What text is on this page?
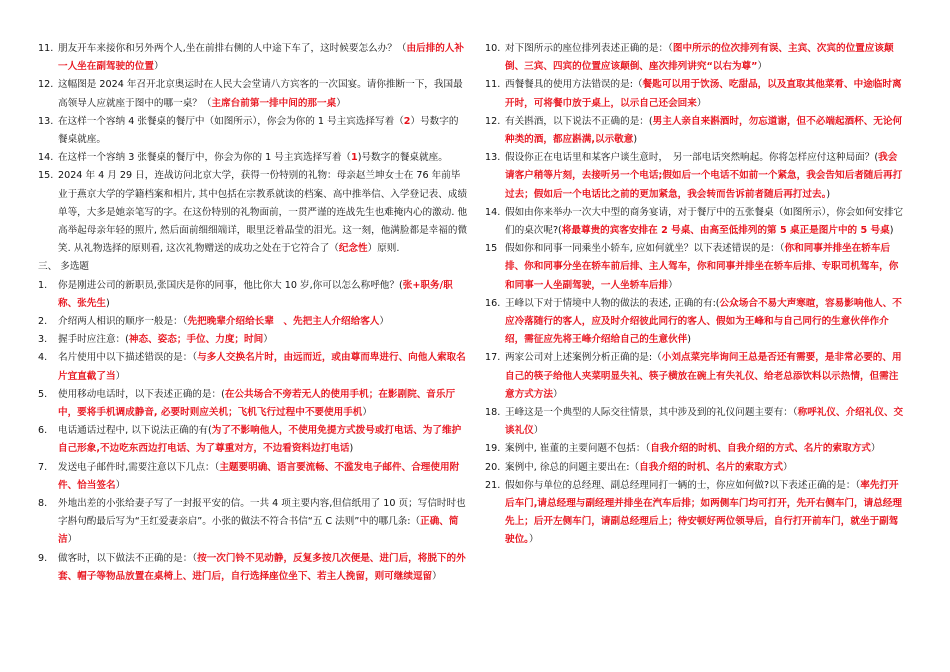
11. 朋友开车来接你和另外两个人,坐在前排右侧的人中途下车了，这时候要怎么办？（由后排的人补一人坐在副驾驶的位置）
12. 这幅图是 2024 年召开北京奥运时在人民大会堂请八方宾客的一次国宴。请你推断一下，我国最高领导人应就座于图中的哪一桌？（主席台前第一排中间的那一桌）
13. 在这样一个容纳 4 张餐桌的餐厅中（如图所示），你会为你的 1 号主宾选择写着（2）号数字的餐桌就座。
14. 在这样一个容纳 3 张餐桌的餐厅中，你会为你的 1 号主宾选择写着（1)号数字的餐桌就座。
15. 2024 年 4 月 29 日，连战访问北京大学，获得一份特别的礼物：母亲赵兰坤女士在 76 年前毕业于燕京大学的学籍档案和相片, 其中包括在宗教系就读的档案、高中推举信、入学登记表、成绩单等，大多是她亲笔写的字。在这份特别的礼物面前，一贯严谨的连战先生也难掩内心的激动. 他高举起母亲年轻的照片, 然后面前细细端详，眼里泛着晶莹的泪光。这一刻，他满脸都是幸福的微笑. 从礼物选择的原则看, 这次礼物赠送的成功之处在于它符合了（纪念性）原则.
三、 多选题
1. 你是刚进公司的新职员,张国庆是你的同事，他比你大 10 岁,你可以怎么称呼他？(张+职务/职称、张先生)
2. 介绍两人相识的顺序一般是：（先把晚辈介绍给长辈　、先把主人介绍给客人）
3. 握手时应注意：(神态、姿态；手位、力度；时间）
4. 名片使用中以下描述错误的是：（与多人交换名片时，由远而近，或由尊而卑进行、向他人索取名片宜直截了当）
5. 使用移动电话时，以下表述正确的是：(在公共场合不旁若无人的使用手机；在影剧院、音乐厅中，要将手机调成静音, 必要时则应关机；飞机飞行过程中不要使用手机）
6. 电话通话过程中, 以下说法正确的有(为了不影响他人，不使用免提方式拨号或打电话、为了维护自己形象,不边吃东西边打电话、为了尊重对方，不边看资料边打电话)
7. 发送电子邮件时,需要注意以下几点：（主题要明确、语言要流畅、不滥发电子邮件、合理使用附件、恰当签名）
8. 外地出差的小张给妻子写了一封报平安的信。一共 4 项主要内容,但信纸用了 10 页；写信时时也字斟句酌最后写为“王红爱妻亲启”。小张的做法不符合书信“五 C 法则”中的哪几条:（正确、简洁）
9. 做客时，以下做法不正确的是：（按一次门铃不见动静，反复多按几次便是、进门后，将脱下的外套、帽子等物品放置在桌椅上、进门后，自行选择座位坐下、若主人挽留，则可继续逗留）
10. 对下图所示的座位排列表述正确的是：（图中所示的位次排列有误、主宾、次宾的位置应该颠倒、三宾、四宾的位置应该颠倒、座次排列讲究“以右为尊”）
11. 西餐餐具的使用方法错误的是:（餐匙可以用于饮汤、吃甜品，以及直取其他菜肴、中途临时离开时，可将餐巾放于桌上，以示自己还会回来）
12. 有关斟酒，以下说法不正确的是：(男主人亲自来斟酒时，勿忘道谢，但不必端起酒杯、无论何种类的酒，都应斟满,以示敬意)
13. 假设你正在电话里和某客户谈生意时，　另一部电话突然响起。你将怎样应付这种局面？(我会请客户稍等片刻，去接听另一个电话;假如后一个电话不如前一个紧急，我会告知后者随后再打过去；假如后一个电话比之前的更加紧急，我会转而告诉前者随后再打过去。)
14. 假如由你来举办一次大中型的商务宴请，对于餐厅中的五张餐桌（如图所示），你会如何安排它们的桌次呢?(将最尊贵的宾客安排在 2 号桌、由高至低排列的第 5 桌正是图片中的 5 号桌)
15 假如你和同事一同乘坐小轿车, 应如何就坐？以下表述错误的是：（你和同事并排坐在轿车后排、你和同事分坐在轿车前后排、主人驾车，你和同事并排坐在轿车后排、专职司机驾车，你和同事一人坐副驾驶，一人坐轿车后排）
16. 王峰以下对于情境中人物的做法的表述, 正确的有:(公众场合不易大声寒暄，容易影响他人、不应冷落随行的客人，应及时介绍彼此同行的客人、假如为王峰和与自己同行的生意伙伴作介绍，需征应先将王峰介绍给自己的生意伙伴)
17. 两家公司对上述案例分析正确的是:（小刘点菜完毕询问王总是否还有需要，是非常必要的、用自己的筷子给他人夹菜明显失礼、筷子横放在碗上有失礼仪、给老总添饮料以示热情，但需注意方式方法）
18. 王峰这是一个典型的人际交往情景，其中涉及到的礼仪问题主要有：（称呼礼仪、介绍礼仪、交谈礼仪）
19. 案例中, 崔董的主要问题不包括：（自我介绍的时机、自我介绍的方式、名片的索取方式）
20. 案例中, 徐总的问题主要出在:（自我介绍的时机、名片的索取方式）
21. 假如你与单位的总经理、副总经理同打一辆的士，你应如何做?以下表述正确的是：（率先打开后车门,请总经理与副经理并排坐在汽车后排；如两侧车门均可打开，先开右侧车门，请总经理先上；后开左侧车门，请副总经理后上；待安顿好两位领导后，自行打开前车门，就坐于副驾驶位。）
